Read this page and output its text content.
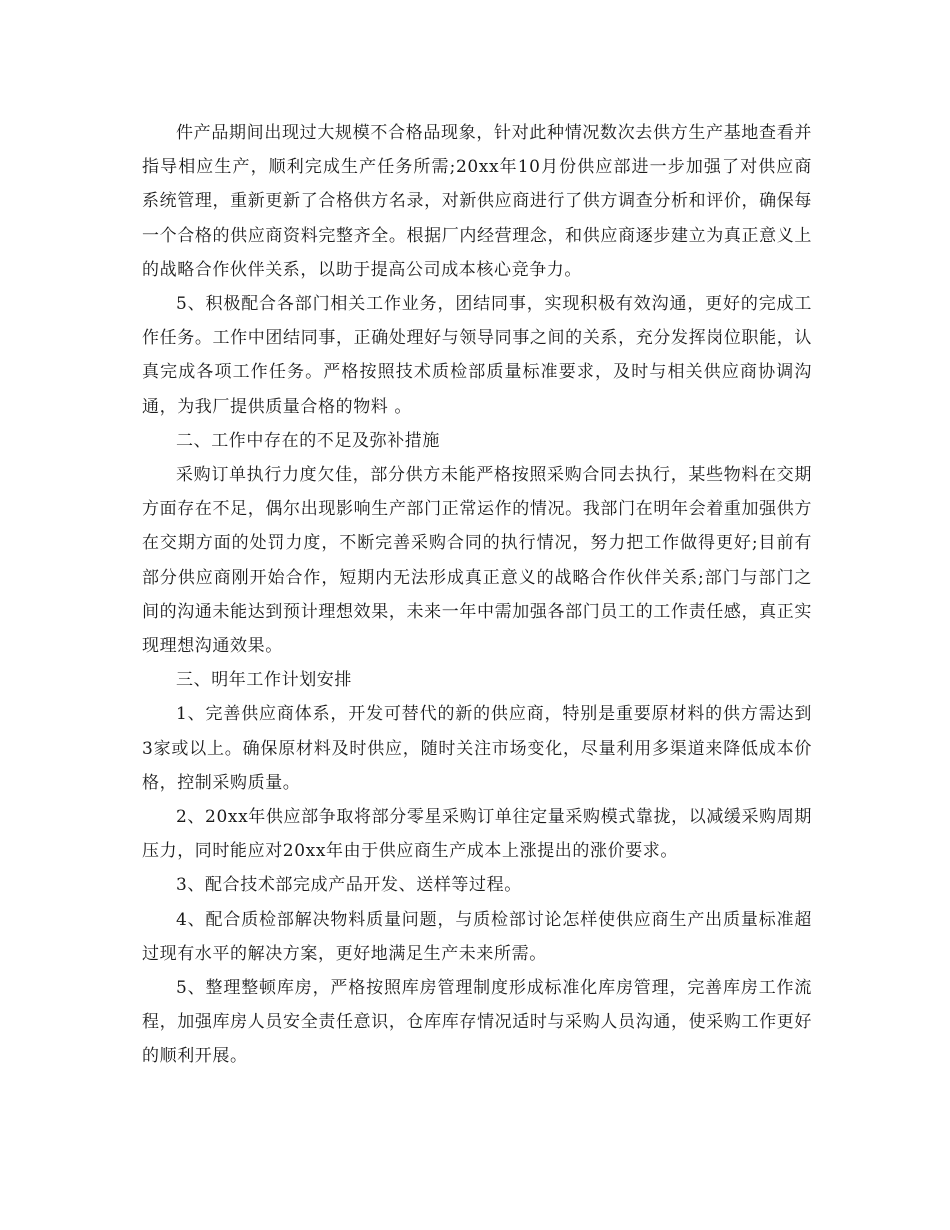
件产品期间出现过大规模不合格品现象，针对此种情况数次去供方生产基地查看并指导相应生产，顺利完成生产任务所需;20xx年10月份供应部进一步加强了对供应商系统管理，重新更新了合格供方名录，对新供应商进行了供方调查分析和评价，确保每一个合格的供应商资料完整齐全。根据厂内经营理念，和供应商逐步建立为真正意义上的战略合作伙伴关系，以助于提高公司成本核心竞争力。

5、积极配合各部门相关工作业务，团结同事，实现积极有效沟通，更好的完成工作任务。工作中团结同事，正确处理好与领导同事之间的关系，充分发挥岗位职能，认真完成各项工作任务。严格按照技术质检部质量标准要求，及时与相关供应商协调沟通，为我厂提供质量合格的物料 。

二、工作中存在的不足及弥补措施

采购订单执行力度欠佳，部分供方未能严格按照采购合同去执行，某些物料在交期方面存在不足，偶尔出现影响生产部门正常运作的情况。我部门在明年会着重加强供方在交期方面的处罚力度，不断完善采购合同的执行情况，努力把工作做得更好;目前有部分供应商刚开始合作，短期内无法形成真正意义的战略合作伙伴关系;部门与部门之间的沟通未能达到预计理想效果，未来一年中需加强各部门员工的工作责任感，真正实现理想沟通效果。

三、明年工作计划安排

1、完善供应商体系，开发可替代的新的供应商，特别是重要原材料的供方需达到3家或以上。确保原材料及时供应，随时关注市场变化，尽量利用多渠道来降低成本价格，控制采购质量。

2、20xx年供应部争取将部分零星采购订单往定量采购模式靠拢，以减缓采购周期压力，同时能应对20xx年由于供应商生产成本上涨提出的涨价要求。

3、配合技术部完成产品开发、送样等过程。

4、配合质检部解决物料质量问题，与质检部讨论怎样使供应商生产出质量标准超过现有水平的解决方案，更好地满足生产未来所需。

5、整理整顿库房，严格按照库房管理制度形成标准化库房管理，完善库房工作流程，加强库房人员安全责任意识，仓库库存情况适时与采购人员沟通，使采购工作更好的顺利开展。
